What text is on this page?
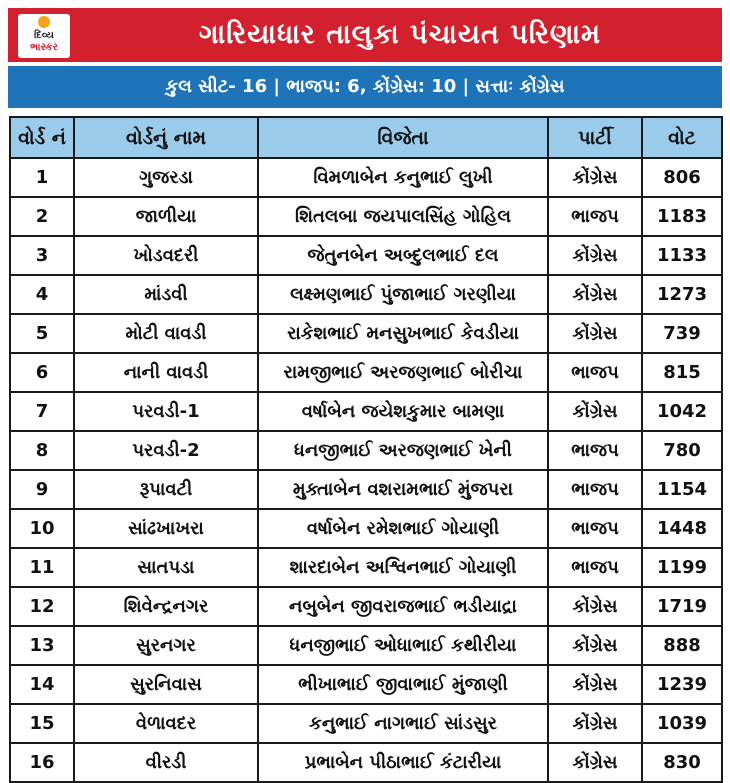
દિવ્ય
ભાસ્કર	ગારિયાધાર તાલુકા પંચાયત પરિણામ
કુલ સીટ- 16 | ભાજપ: 6, કોંગ્રેસ: 10 | સત્તાઃ કોંગ્રેસ
વોર્ડ નં	વોર્ડનું નામ	વિજેતા	પાર્ટી	વોટ
1	ગુજરડા	વિમળાબેન કનુભાઈ લુખી	કોંગ્રેસ	806
2	જાળીયા	શિતલબા જયપાલસિંહ ગોહિલ	ભાજપ	1183
3	ખોડવદરી	જેતુનબેન અબ્દુલભાઈ દલ	કોંગ્રેસ	1133
4	માંડવી	લક્ષ્મણભાઈ પુંજાભાઈ ગરણીયા	કોંગ્રેસ	1273
5	મોટી વાવડી	રાકેશભાઈ મનસુખભાઈ કેવડીયા	કોંગ્રેસ	739
6	નાની વાવડી	રામજીભાઈ અરજણભાઈ બોરીચા	ભાજપ	815
7	પરવડી-1	વર્ષાબેન જયેશકુમાર બામણા	કોંગ્રેસ	1042
8	પરવડી-2	ધનજીભાઈ અરજણભાઈ ખેની	ભાજપ	780
9	રૂપાવટી	મુક્તાબેન વશરામભાઈ મુંજપરા	ભાજપ	1154
10	સાંઢખાખરા	વર્ષાબેન રમેશભાઈ ગોયાણી	ભાજપ	1448
11	સાતપડા	શારદાબેન અશ્વિનભાઈ ગોયાણી	ભાજપ	1199
12	શિવેન્દ્રનગર	નબુબેન જીવરાજભાઈ ભડીયાદ્રા	કોંગ્રેસ	1719
13	સુરનગર	ધનજીભાઈ ઓધાભાઈ કથીરીયા	કોંગ્રેસ	888
14	સુરનિવાસ	ભીખાભાઈ જીવાભાઈ મુંજાણી	કોંગ્રેસ	1239
15	વેળાવદર	કનુભાઈ નાગભાઈ સાંડસુર	કોંગ્રેસ	1039
16	વીરડી	પ્રભાબેન પીઠાભાઈ કંટારીયા	કોંગ્રેસ	830
